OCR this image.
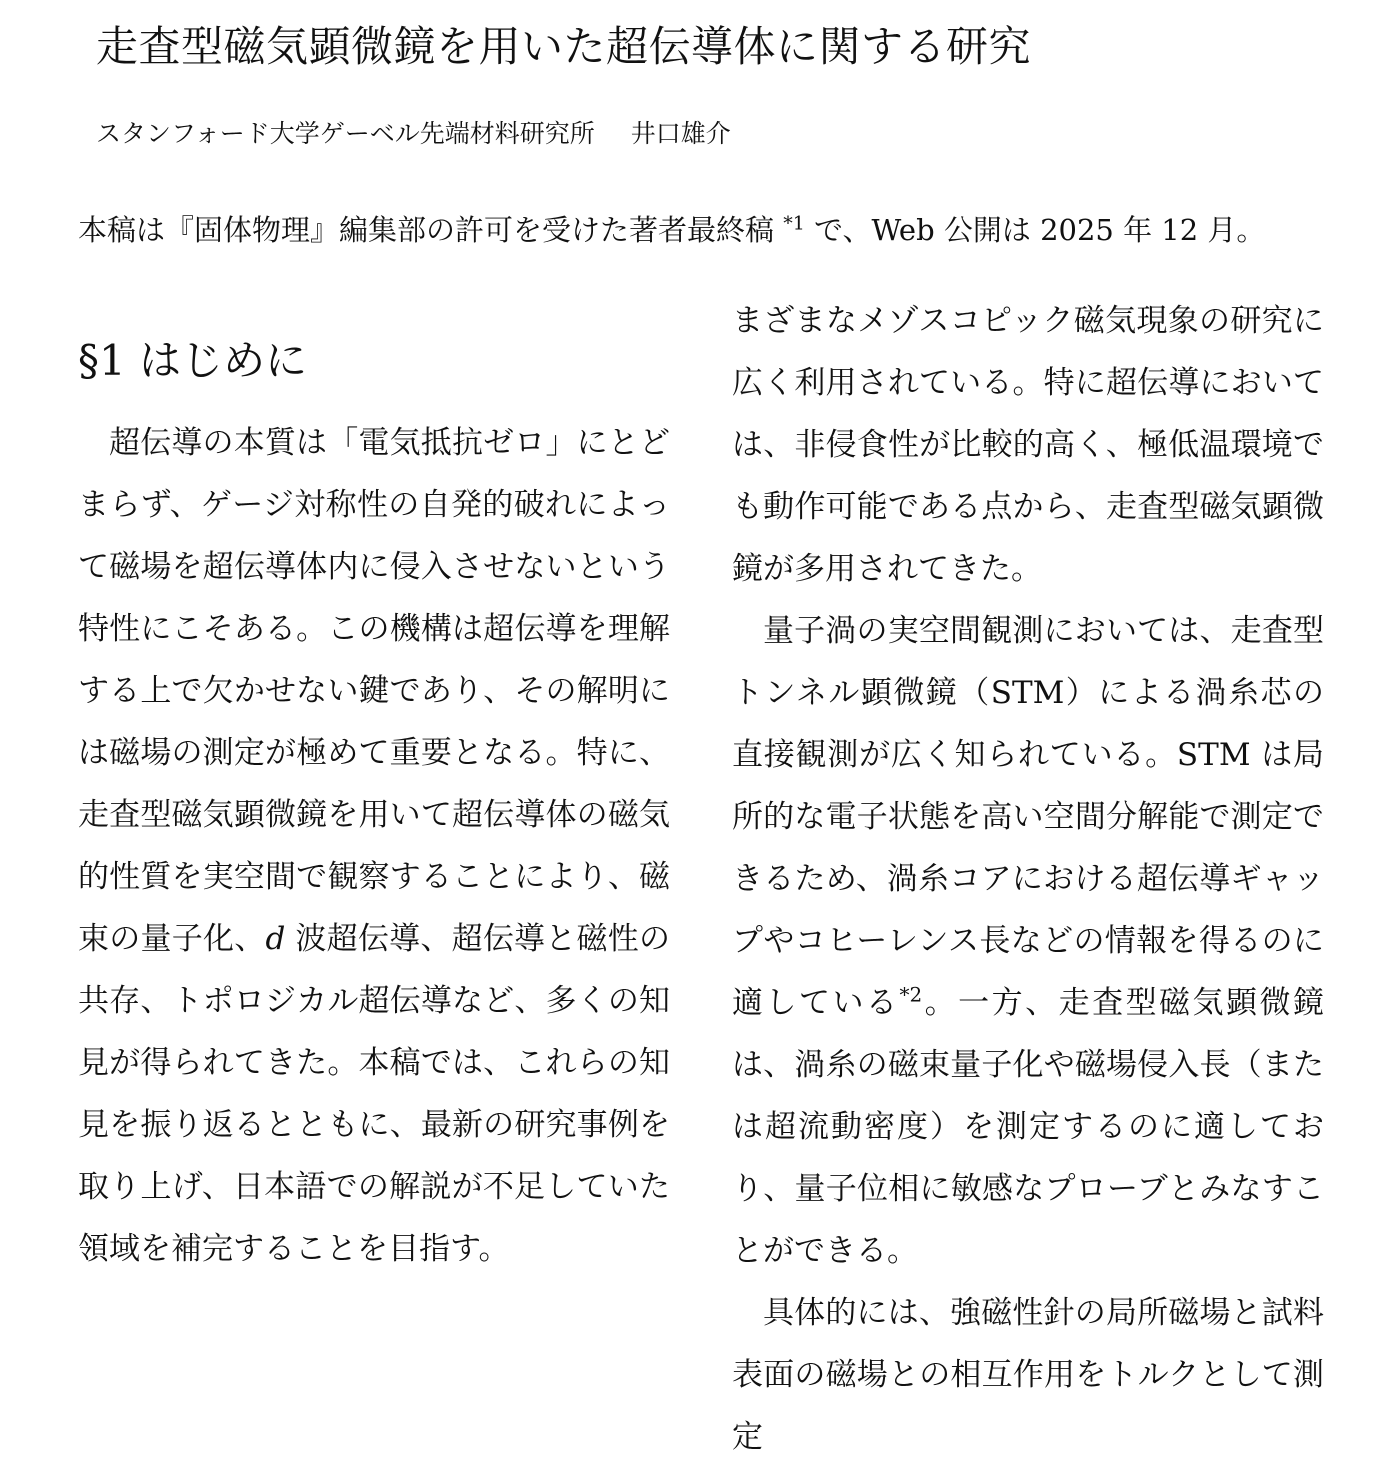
走査型磁気顕微鏡を用いた超伝導体に関する研究
スタンフォード大学ゲーベル先端材料研究所 井口雄介
本稿は『固体物理』編集部の許可を受けた著者最終稿 $^{*1}$ で、Web 公開は 2025 年 12 月。
§1 はじめに

超伝導の本質は「電気抵抗ゼロ」にとどまらず、ゲージ対称性の自発的破れによって磁場を超伝導体内に侵入させないという特性にこそある。この機構は超伝導を理解する上で欠かせない鍵であり、その解明には磁場の測定が極めて重要となる。特に、走査型磁気顕微鏡を用いて超伝導体の磁気的性質を実空間で観察することにより、磁束の量子化、d 波超伝導、超伝導と磁性の共存、トポロジカル超伝導など、多くの知見が得られてきた。本稿では、これらの知見を振り返るとともに、最新の研究事例を取り上げ、日本語での解説が不足していた領域を補完することを目指す。

まざまなメゾスコピック磁気現象の研究に広く利用されている。特に超伝導においては、非侵食性が比較的高く、極低温環境でも動作可能である点から、走査型磁気顕微鏡が多用されてきた。

量子渦の実空間観測においては、走査型トンネル顕微鏡（STM）による渦糸芯の直接観測が広く知られている。STM は局所的な電子状態を高い空間分解能で測定できるため、渦糸コアにおける超伝導ギャップやコヒーレンス長などの情報を得るのに適している$^{*2}$。一方、走査型磁気顕微鏡は、渦糸の磁束量子化や磁場侵入長（または超流動密度）を測定するのに適しており、量子位相に敏感なプローブとみなすことができる。

具体的には、強磁性針の局所磁場と試料表面の磁場との相互作用をトルクとして測定
